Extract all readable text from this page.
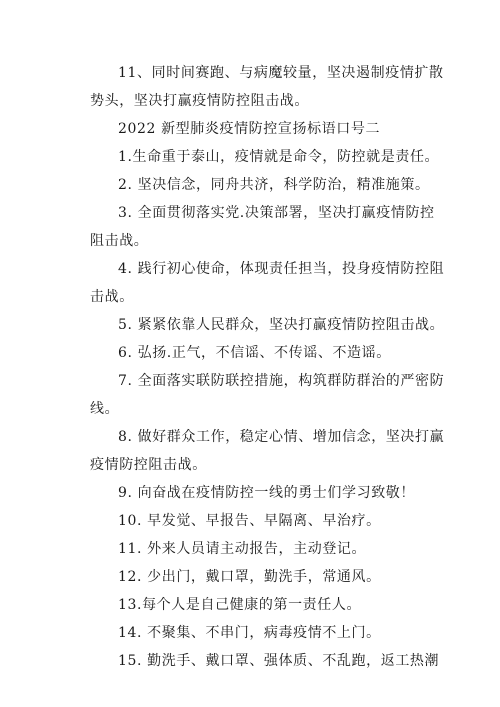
11、同时间赛跑、与病魔较量，坚决遏制疫情扩散
势头，坚决打赢疫情防控阻击战。
2022 新型肺炎疫情防控宣扬标语口号二
1.生命重于泰山，疫情就是命令，防控就是责任。
2. 坚决信念，同舟共济，科学防治，精准施策。
3. 全面贯彻落实党.决策部署，坚决打赢疫情防控
阻击战。
4. 践行初心使命，体现责任担当，投身疫情防控阻
击战。
5. 紧紧依靠人民群众，坚决打赢疫情防控阻击战。
6. 弘扬.正气，不信谣、不传谣、不造谣。
7. 全面落实联防联控措施，构筑群防群治的严密防
线。
8. 做好群众工作，稳定心情、增加信念，坚决打赢
疫情防控阻击战。
9. 向奋战在疫情防控一线的勇士们学习致敬！
10. 早发觉、早报告、早隔离、早治疗。
11. 外来人员请主动报告，主动登记。
12. 少出门，戴口罩，勤洗手，常通风。
13.每个人是自己健康的第一责任人。
14. 不聚集、不串门，病毒疫情不上门。
15. 勤洗手、戴口罩、强体质、不乱跑，返工热潮
